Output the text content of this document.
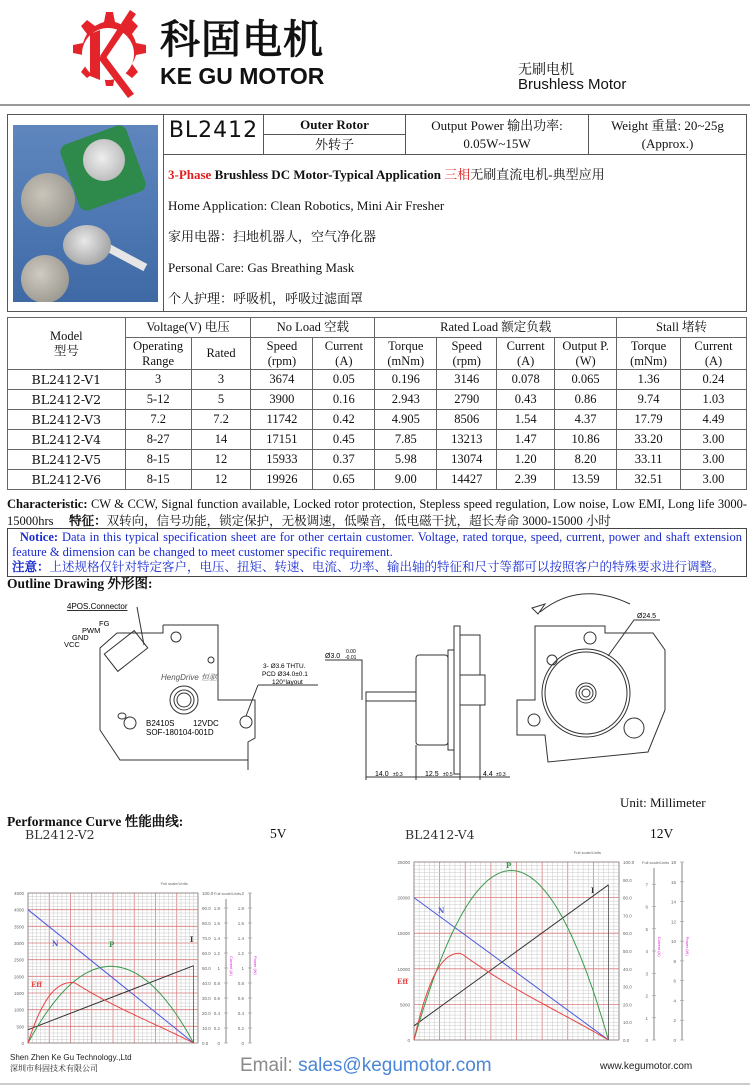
科固电机
KE GU MOTOR	无刷电机
Brushless Motor
BL2412	Outer Rotor
外转子
Output Power 输出功率:
0.05W~15W
Weight 重量: 20~25g
(Approx.)
3-Phase Brushless DC Motor-Typical Application 三相无刷直流电机-典型应用
Home Application: Clean Robotics, Mini Air Fresher
家用电器：扫地机器人，空气净化器
Personal Care: Gas Breathing Mask
个人护理：呼吸机，呼吸过滤面罩
Model
型号	Voltage(V) 电压		No Load 空载		Rated Load 额定负载				Stall 堵转	
	Operating Range	Rated	Speed (rpm)	Current (A)	Torque (mNm)	Speed (rpm)	Current (A)	Output P. (W)	Torque (mNm)	Current (A)
BL2412-V1	3	3	3674	0.05	0.196	3146	0.078	0.065	1.36	0.24
BL2412-V2	5-12	5	3900	0.16	2.943	2790	0.43	0.86	9.74	1.03
BL2412-V3	7.2	7.2	11742	0.42	4.905	8506	1.54	4.37	17.79	4.49
BL2412-V4	8-27	14	17151	0.45	7.85	13213	1.47	10.86	33.20	3.00
BL2412-V5	8-15	12	15933	0.37	5.98	13074	1.20	8.20	33.11	3.00
BL2412-V6	8-15	12	19926	0.65	9.00	14427	2.39	13.59	32.51	3.00
Characteristic: CW & CCW, Signal function available, Locked rotor protection, Stepless speed regulation, Low noise, Low EMI, Long life 3000-15000hrs 特征：双转向，信号功能，锁定保护，无极调速，低噪音，低电磁干扰，超长寿命 3000-15000 小时
Notice: Data in this typical specification sheet are for other certain customer. Voltage, rated torque, speed, current, power and shaft extension feature & dimension can be changed to meet customer specific requirement.
注意：上述规格仅针对特定客户，电压、扭矩、转速、电流、功率、输出轴的特征和尺寸等都可以按照客户的特殊要求进行调整。
Outline Drawing 外形图:
4POS.Connector
FG
PWM
GND
VCC
HengDrive 恒驱
B2410S 12VDC
SOF-180104-001D
3- Ø3.6 THTU.
PCD Ø34.0±0.1
120°layout
Ø3.0
0.00
-0.01
14.0 ±0.3	12.5 ±0.5	4.4 ±0.3
Ø24.5
Unit: Millimeter
Performance Curve 性能曲线:
BL2412-V2	5V	BL2412-V4	12V
0
500
1000
1500
2000
2500
3000
3500
4000
4500
0.0
10.0
20.0
30.0
40.0
50.0
60.0
70.0
80.0
90.0
100.0
Full scale/Units
0
0.2
0.4
0.6
0.8
1
1.2
1.4
1.6
1.8
Current (A)
0
0.2
0.4
0.6
0.8
1
1.2
1.4
1.6
1.8
2
Power (W)
Full scale/Units
N	P
I
Eff
0
5000
10000
15000
20000
25000
0.0
10.0
20.0
30.0
40.0
50.0
60.0
70.0
80.0
90.0
100.0
Full scale/Units
0
1
2
3
4
5
6
7
Current (A)
0
2
4
6
8
10
12
14
16
18
Power (W)
Full scale/Units
N
P
I
Eff
Shen Zhen Ke Gu Technology.,Ltd
深圳市科固技术有限公司	Email: sales@kegumotor.com	www.kegumotor.com
